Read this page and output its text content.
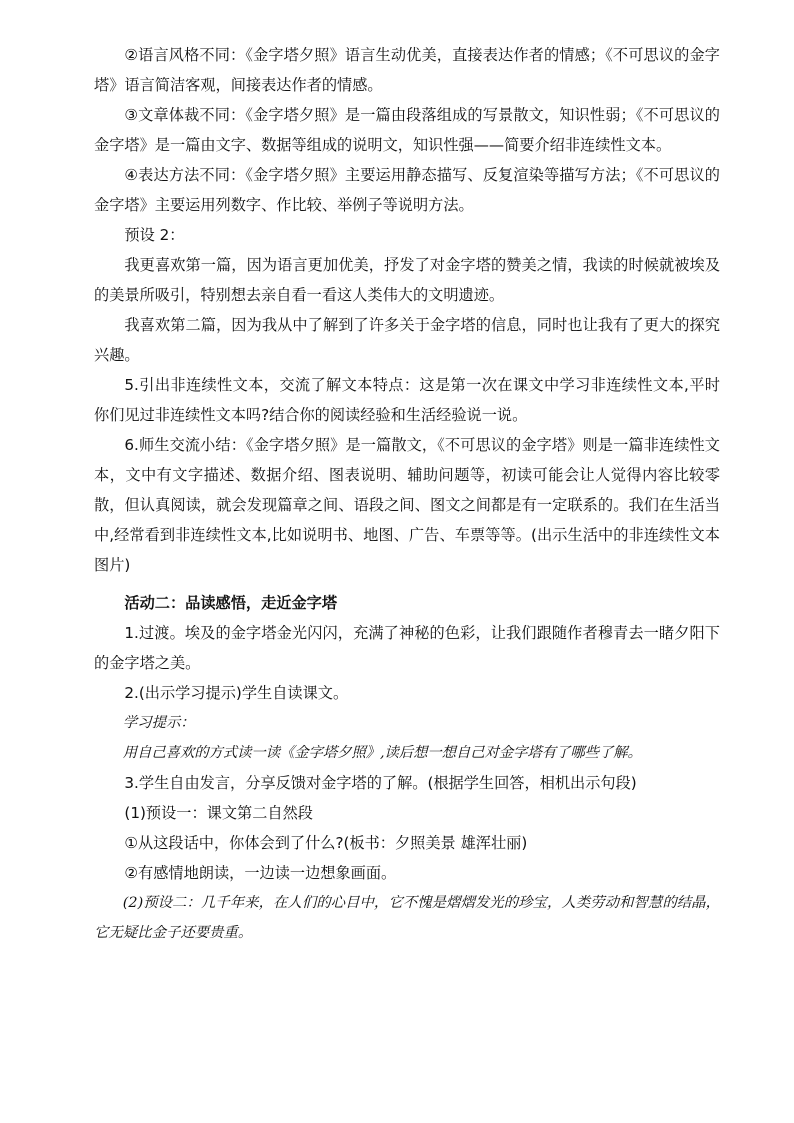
②语言风格不同：《金字塔夕照》语言生动优美，直接表达作者的情感；《不可思议的金字塔》语言简洁客观，间接表达作者的情感。

③文章体裁不同：《金字塔夕照》是一篇由段落组成的写景散文，知识性弱；《不可思议的金字塔》是一篇由文字、数据等组成的说明文，知识性强——简要介绍非连续性文本。

④表达方法不同：《金字塔夕照》主要运用静态描写、反复渲染等描写方法；《不可思议的金字塔》主要运用列数字、作比较、举例子等说明方法。

预设 2：

我更喜欢第一篇，因为语言更加优美，抒发了对金字塔的赞美之情，我读的时候就被埃及的美景所吸引，特别想去亲自看一看这人类伟大的文明遗迹。

我喜欢第二篇，因为我从中了解到了许多关于金字塔的信息，同时也让我有了更大的探究兴趣。

5.引出非连续性文本，交流了解文本特点：这是第一次在课文中学习非连续性文本,平时你们见过非连续性文本吗?结合你的阅读经验和生活经验说一说。

6.师生交流小结：《金字塔夕照》是一篇散文，《不可思议的金字塔》则是一篇非连续性文本，文中有文字描述、数据介绍、图表说明、辅助问题等，初读可能会让人觉得内容比较零散，但认真阅读，就会发现篇章之间、语段之间、图文之间都是有一定联系的。我们在生活当中,经常看到非连续性文本,比如说明书、地图、广告、车票等等。(出示生活中的非连续性文本图片)

活动二：品读感悟，走近金字塔

1.过渡。埃及的金字塔金光闪闪，充满了神秘的色彩，让我们跟随作者穆青去一睹夕阳下的金字塔之美。

2.(出示学习提示)学生自读课文。

学习提示：

用自己喜欢的方式读一读《金字塔夕照》,读后想一想自己对金字塔有了哪些了解。

3.学生自由发言，分享反馈对金字塔的了解。(根据学生回答，相机出示句段)

(1)预设一：课文第二自然段

①从这段话中，你体会到了什么?(板书：夕照美景 雄浑壮丽)

②有感情地朗读，一边读一边想象画面。

(2)预设二：几千年来，在人们的心目中，它不愧是熠熠发光的珍宝，人类劳动和智慧的结晶，它无疑比金子还要贵重。
